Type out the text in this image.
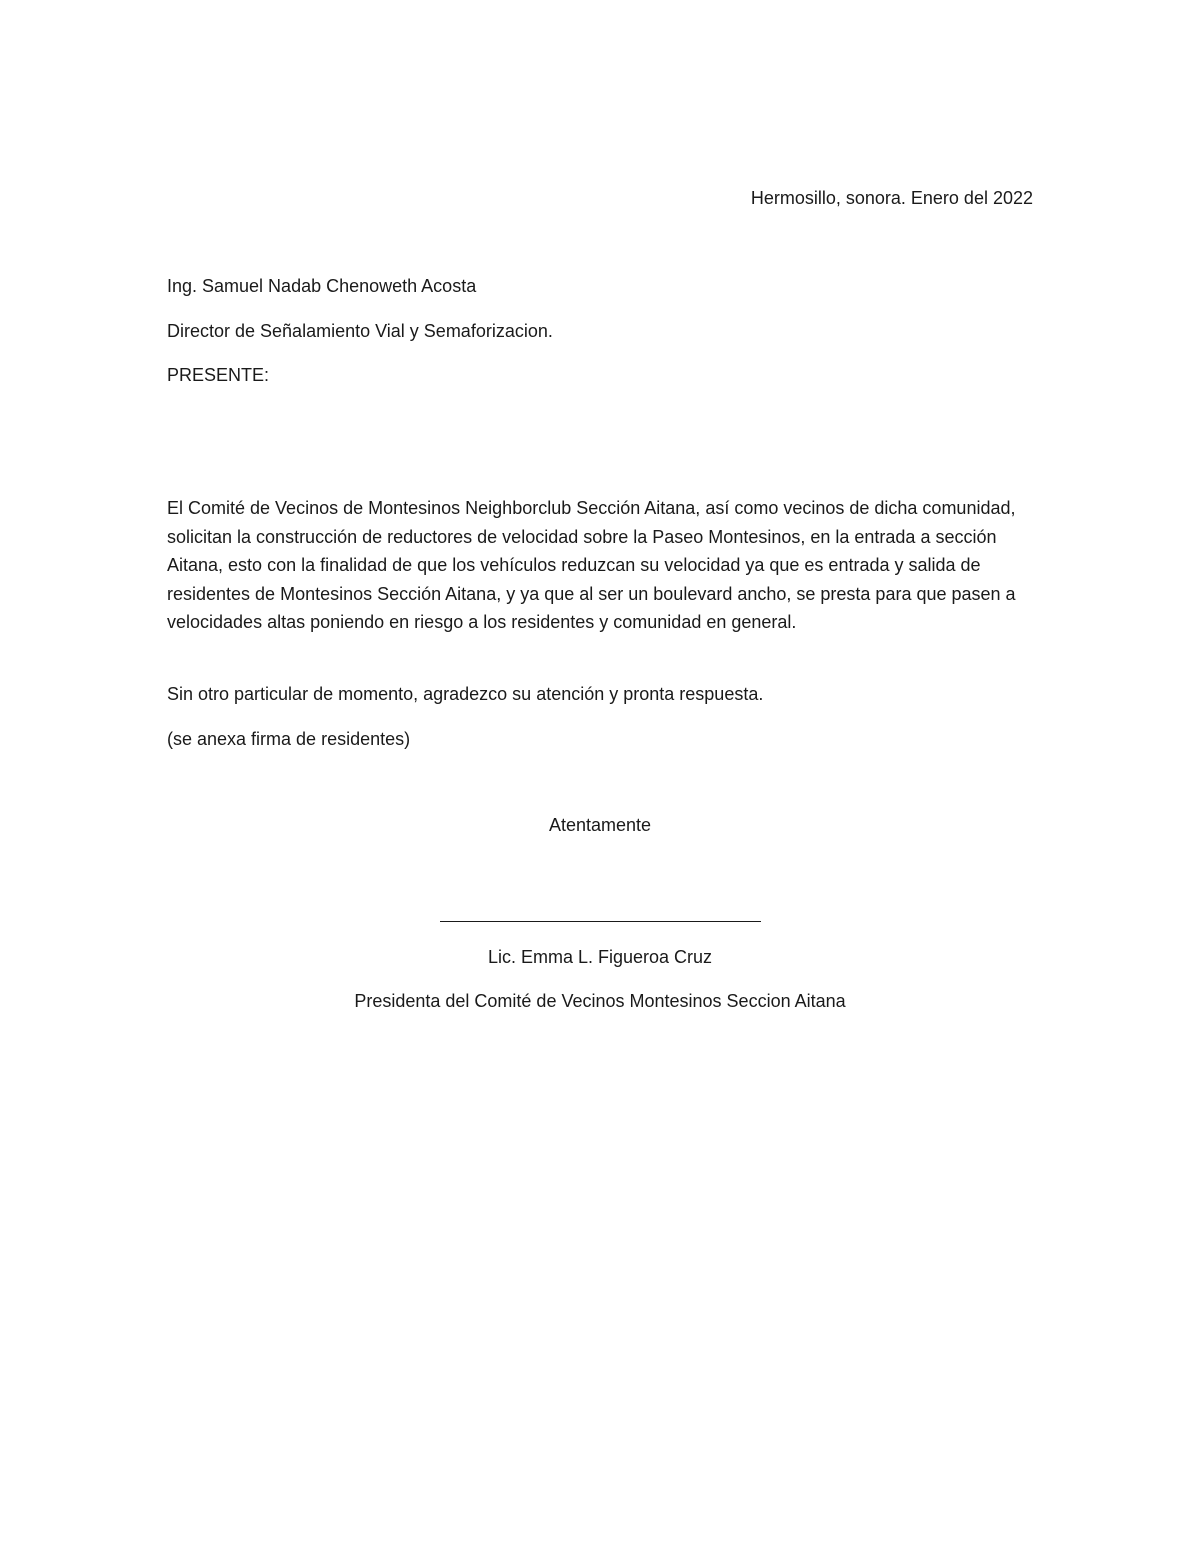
Hermosillo, sonora. Enero del 2022
Ing. Samuel Nadab Chenoweth Acosta
Director de Señalamiento Vial y Semaforizacion.
PRESENTE:
El Comité de Vecinos de Montesinos Neighborclub Sección Aitana, así como vecinos de dicha comunidad, solicitan la construcción de reductores de velocidad sobre la Paseo Montesinos, en la entrada a sección Aitana, esto con la finalidad de que los vehículos reduzcan su velocidad ya que es entrada y salida de residentes de Montesinos Sección Aitana, y ya que al ser un boulevard ancho, se presta para que pasen a velocidades altas poniendo en riesgo a los residentes y comunidad en general.
Sin otro particular de momento, agradezco su atención y pronta respuesta.
(se anexa firma de residentes)
Atentamente
Lic. Emma L. Figueroa Cruz
Presidenta del Comité de Vecinos Montesinos Seccion Aitana
